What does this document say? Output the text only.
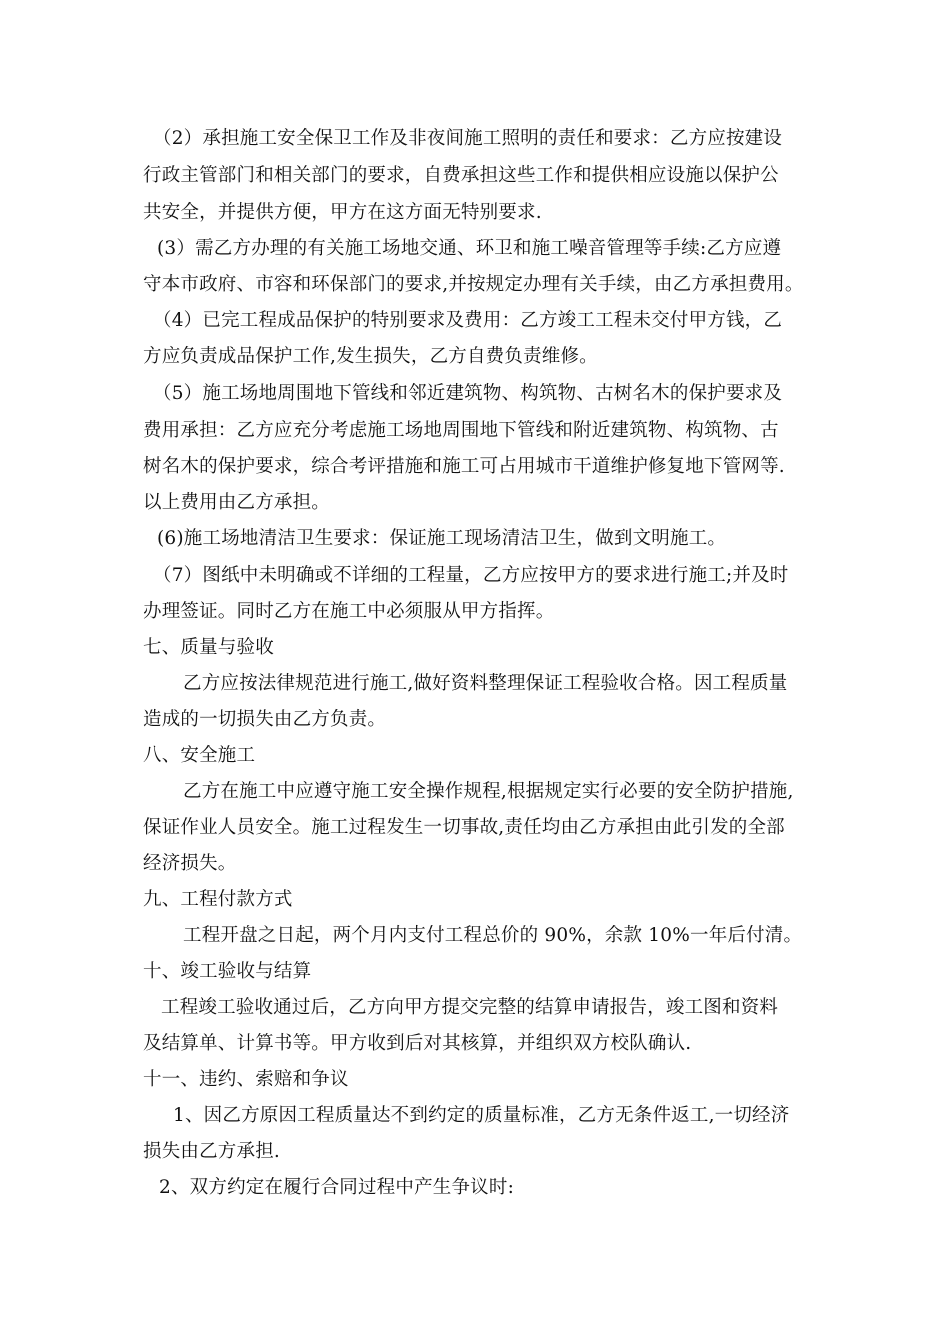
（2）承担施工安全保卫工作及非夜间施工照明的责任和要求：乙方应按建设
行政主管部门和相关部门的要求，自费承担这些工作和提供相应设施以保护公
共安全，并提供方便，甲方在这方面无特别要求.
(3）需乙方办理的有关施工场地交通、环卫和施工噪音管理等手续:乙方应遵
守本市政府、市容和环保部门的要求,并按规定办理有关手续，由乙方承担费用。
（4）已完工程成品保护的特别要求及费用：乙方竣工工程未交付甲方钱，乙
方应负责成品保护工作,发生损失，乙方自费负责维修。
（5）施工场地周围地下管线和邻近建筑物、构筑物、古树名木的保护要求及
费用承担：乙方应充分考虑施工场地周围地下管线和附近建筑物、构筑物、古
树名木的保护要求，综合考评措施和施工可占用城市干道维护修复地下管网等.
以上费用由乙方承担。
(6)施工场地清洁卫生要求：保证施工现场清洁卫生，做到文明施工。
（7）图纸中未明确或不详细的工程量，乙方应按甲方的要求进行施工;并及时
办理签证。同时乙方在施工中必须服从甲方指挥。
七、质量与验收
乙方应按法律规范进行施工,做好资料整理保证工程验收合格。因工程质量
造成的一切损失由乙方负责。
八、安全施工
乙方在施工中应遵守施工安全操作规程,根据规定实行必要的安全防护措施,
保证作业人员安全。施工过程发生一切事故,责任均由乙方承担由此引发的全部
经济损失。
九、工程付款方式
工程开盘之日起，两个月内支付工程总价的 90%，余款 10%一年后付清。
十、竣工验收与结算
工程竣工验收通过后，乙方向甲方提交完整的结算申请报告，竣工图和资料
及结算单、计算书等。甲方收到后对其核算，并组织双方校队确认.
十一、违约、索赔和争议
1、因乙方原因工程质量达不到约定的质量标准，乙方无条件返工,一切经济
损失由乙方承担.
2、双方约定在履行合同过程中产生争议时:
